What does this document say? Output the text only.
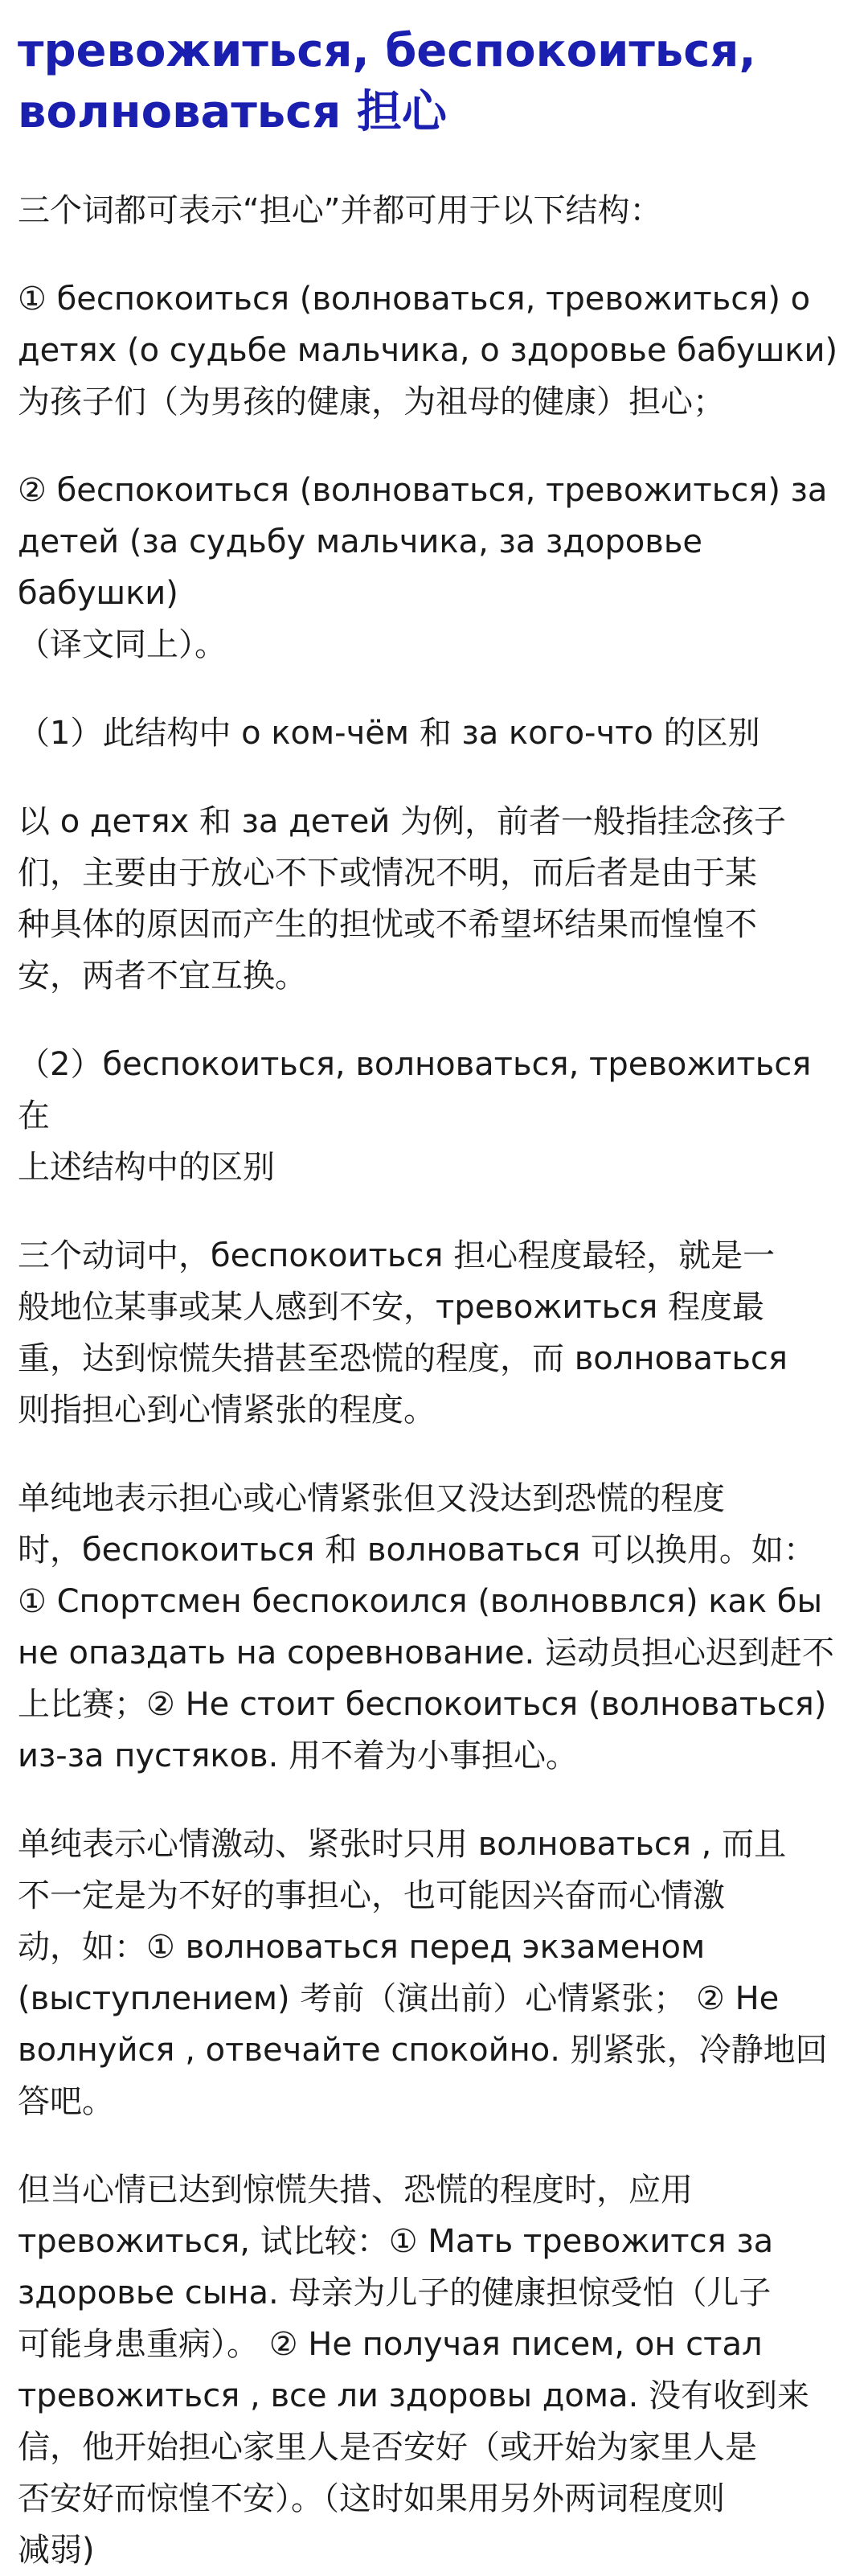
тревожиться, беспокоиться,
волноваться 担心

三个词都可表示“担心”并都可用于以下结构：

① беспокоиться (волноваться, тревожиться) о
детях (о судьбе мальчика, о здоровье бабушки)
为孩子们（为男孩的健康，为祖母的健康）担心；

② беспокоиться (волноваться, тревожиться) за
детей (за судьбу мальчика, за здоровье бабушки)
（译文同上）。

（1）此结构中 о ком-чём 和 за кого-что 的区别

以 о детях 和 за детей 为例，前者一般指挂念孩子
们，主要由于放心不下或情况不明，而后者是由于某
种具体的原因而产生的担忧或不希望坏结果而惶惶不
安，两者不宜互换。

（2）беспокоиться, волноваться, тревожиться 在
上述结构中的区别

三个动词中，беспокоиться 担心程度最轻，就是一
般地位某事或某人感到不安，тревожиться 程度最
重，达到惊慌失措甚至恐慌的程度，而 волноваться
则指担心到心情紧张的程度。

单纯地表示担心或心情紧张但又没达到恐慌的程度
时，беспокоиться 和 волноваться 可以换用。如：
① Спортсмен беспокоился (волноввлся) как бы
не опаздать на соревнование. 运动员担心迟到赶不
上比赛；② Не стоит беспокоиться (волноваться)
из-за пустяков. 用不着为小事担心。

单纯表示心情激动、紧张时只用 волноваться , 而且
不一定是为不好的事担心，也可能因兴奋而心情激
动，如：① волноваться перед экзаменом
(выступлением) 考前（演出前）心情紧张； ② Не
волнуйся , отвечайте спокойно. 别紧张，冷静地回
答吧。

但当心情已达到惊慌失措、恐慌的程度时，应用
тревожиться, 试比较：① Мать тревожится за
здоровье сына. 母亲为儿子的健康担惊受怕（儿子
可能身患重病）。 ② Не получая писем, он стал
тревожиться , все ли здоровы дома. 没有收到来
信，他开始担心家里人是否安好（或开始为家里人是
否安好而惊惶不安）。（这时如果用另外两词程度则
减弱)
